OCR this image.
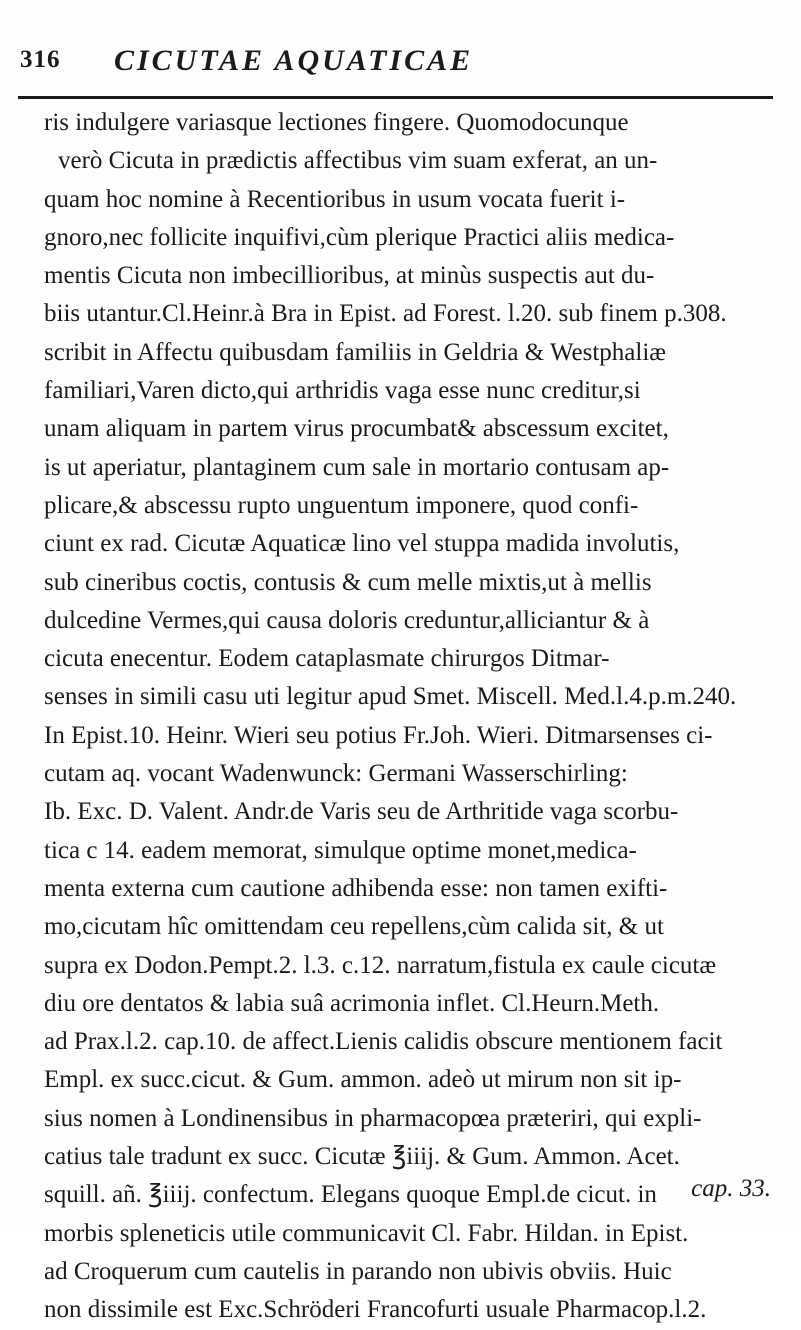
316 CICUTAE AQUATICAE
ris indulgere variasque lectiones fingere. Quomodocunque
verò Cicuta in prædictis affectibus vim suam exferat, an un-
quam hoc nomine à Recentioribus in usum vocata fuerit i-
gnoro,nec follicite inquifivi,cùm plerique Practici aliis medica-
mentis Cicuta non imbecillioribus, at minùs suspectis aut du-
biis utantur.Cl.Heinr.à Bra in Epist. ad Forest. l.20. sub finem p.308.
scribit in Affectu quibusdam familiis in Geldria & Westphaliæ
familiari,Varen dicto,qui arthridis vaga esse nunc creditur,si
unam aliquam in partem virus procumbat& abscessum excitet,
is ut aperiatur, plantaginem cum sale in mortario contusam ap-
plicare,& abscessu rupto unguentum imponere, quod confi-
ciunt ex rad. Cicutæ Aquaticæ lino vel stuppa madida involutis,
sub cineribus coctis, contusis & cum melle mixtis,ut à mellis
dulcedine Vermes,qui causa doloris creduntur,alliciantur & à
cicuta enecentur. Eodem cataplasmate chirurgos Ditmar-
senses in simili casu uti legitur apud Smet. Miscell. Med.l.4.p.m.240.
In Epist.10. Heinr. Wieri seu potius Fr.Joh. Wieri. Ditmarsenses ci-
cutam aq. vocant Wadenwunck: Germani Wasserschirling:
Ib. Exc. D. Valent. Andr.de Varis seu de Arthritide vaga scorbu-
tica c 14. eadem memorat, simulque optime monet,medica-
menta externa cum cautione adhibenda esse: non tamen exifti-
mo,cicutam hîc omittendam ceu repellens,cùm calida sit, & ut
supra ex Dodon.Pempt.2. l.3. c.12. narratum,fistula ex caule cicutæ
diu ore dentatos & labia suâ acrimonia inflet. Cl.Heurn.Meth.
ad Prax.l.2. cap.10. de affect.Lienis calidis obscure mentionem facit
Empl. ex succ.cicut. & Gum. ammon. adeò ut mirum non sit ip-
sius nomen à Londinensibus in pharmacopœa præteriri, qui expli-
catius tale tradunt ex succ. Cicutæ ℥iiij. & Gum. Ammon. Acet.
squill. añ. ℥iiij. confectum. Elegans quoque Empl.de cicut. in
morbis splenеticis utile communicavit Cl. Fabr. Hildan. in Epist.
ad Croquerum cum cautelis in parando non ubivis obviis. Huic
non dissimile est Exc.Schröderi Francofurti usuale Pharmacop.l.2.
cap. 33.
